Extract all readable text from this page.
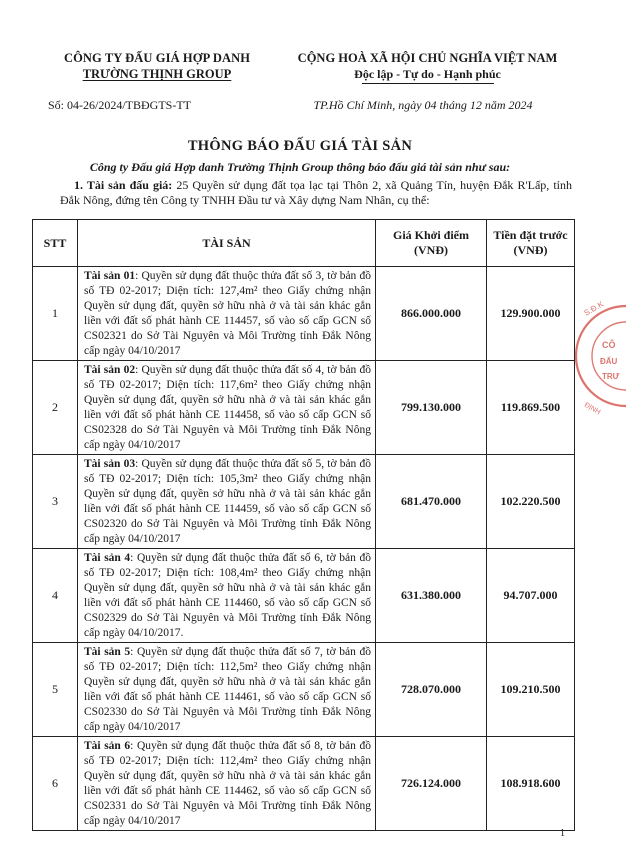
CÔNG TY ĐẤU GIÁ HỢP DANH
TRƯỜNG THỊNH GROUP
CỘNG HOÀ XÃ HỘI CHỦ NGHĨA VIỆT NAM
Độc lập - Tự do - Hạnh phúc
Số: 04-26/2024/TBĐGTS-TT	TP.Hồ Chí Minh, ngày 04 tháng 12 năm 2024
THÔNG BÁO ĐẤU GIÁ TÀI SẢN
Công ty Đấu giá Hợp danh Trường Thịnh Group thông báo đấu giá tài sản như sau:
1. Tài sản đấu giá: 25 Quyền sử dụng đất tọa lạc tại Thôn 2, xã Quảng Tín, huyện Đắk R'Lấp, tỉnh Đắk Nông, đứng tên Công ty TNHH Đầu tư và Xây dựng Nam Nhân, cụ thể:
STT	TÀI SẢN	Giá Khởi điểm (VNĐ)	Tiền đặt trước (VNĐ)
1	Tài sản 01: Quyền sử dụng đất thuộc thửa đất số 3, tờ bản đồ số TĐ 02-2017; Diện tích: 127,4m² theo Giấy chứng nhận Quyền sử dụng đất, quyền sở hữu nhà ở và tài sản khác gắn liền với đất số phát hành CE 114457, số vào số cấp GCN số CS02321 do Sở Tài Nguyên và Môi Trường tỉnh Đắk Nông cấp ngày 04/10/2017	866.000.000	129.900.000
2	Tài sản 02: Quyền sử dụng đất thuộc thửa đất số 4, tờ bản đồ số TĐ 02-2017; Diện tích: 117,6m² theo Giấy chứng nhận Quyền sử dụng đất, quyền sở hữu nhà ở và tài sản khác gắn liền với đất số phát hành CE 114458, số vào số cấp GCN số CS02328 do Sở Tài Nguyên và Môi Trường tỉnh Đắk Nông cấp ngày 04/10/2017	799.130.000	119.869.500
3	Tài sản 03: Quyền sử dụng đất thuộc thửa đất số 5, tờ bản đồ số TĐ 02-2017; Diện tích: 105,3m² theo Giấy chứng nhận Quyền sử dụng đất, quyền sở hữu nhà ở và tài sản khác gắn liền với đất số phát hành CE 114459, số vào số cấp GCN số CS02320 do Sở Tài Nguyên và Môi Trường tỉnh Đắk Nông cấp ngày 04/10/2017	681.470.000	102.220.500
4	Tài sản 4: Quyền sử dụng đất thuộc thửa đất số 6, tờ bản đồ số TĐ 02-2017; Diện tích: 108,4m² theo Giấy chứng nhận Quyền sử dụng đất, quyền sở hữu nhà ở và tài sản khác gắn liền với đất số phát hành CE 114460, số vào số cấp GCN số CS02329 do Sở Tài Nguyên và Môi Trường tỉnh Đắk Nông cấp ngày 04/10/2017.	631.380.000	94.707.000
5	Tài sản 5: Quyền sử dụng đất thuộc thửa đất số 7, tờ bản đồ số TĐ 02-2017; Diện tích: 112,5m² theo Giấy chứng nhận Quyền sử dụng đất, quyền sở hữu nhà ở và tài sản khác gắn liền với đất số phát hành CE 114461, số vào số cấp GCN số CS02330 do Sở Tài Nguyên và Môi Trường tỉnh Đắk Nông cấp ngày 04/10/2017	728.070.000	109.210.500
6	Tài sản 6: Quyền sử dụng đất thuộc thửa đất số 8, tờ bản đồ số TĐ 02-2017; Diện tích: 112,4m² theo Giấy chứng nhận Quyền sử dụng đất, quyền sở hữu nhà ở và tài sản khác gắn liền với đất số phát hành CE 114462, số vào số cấp GCN số CS02331 do Sở Tài Nguyên và Môi Trường tỉnh Đắk Nông cấp ngày 04/10/2017	726.124.000	108.918.600
S.Đ.K
CÔ
ĐẤU
TRƯ
ĐỊNH
1
